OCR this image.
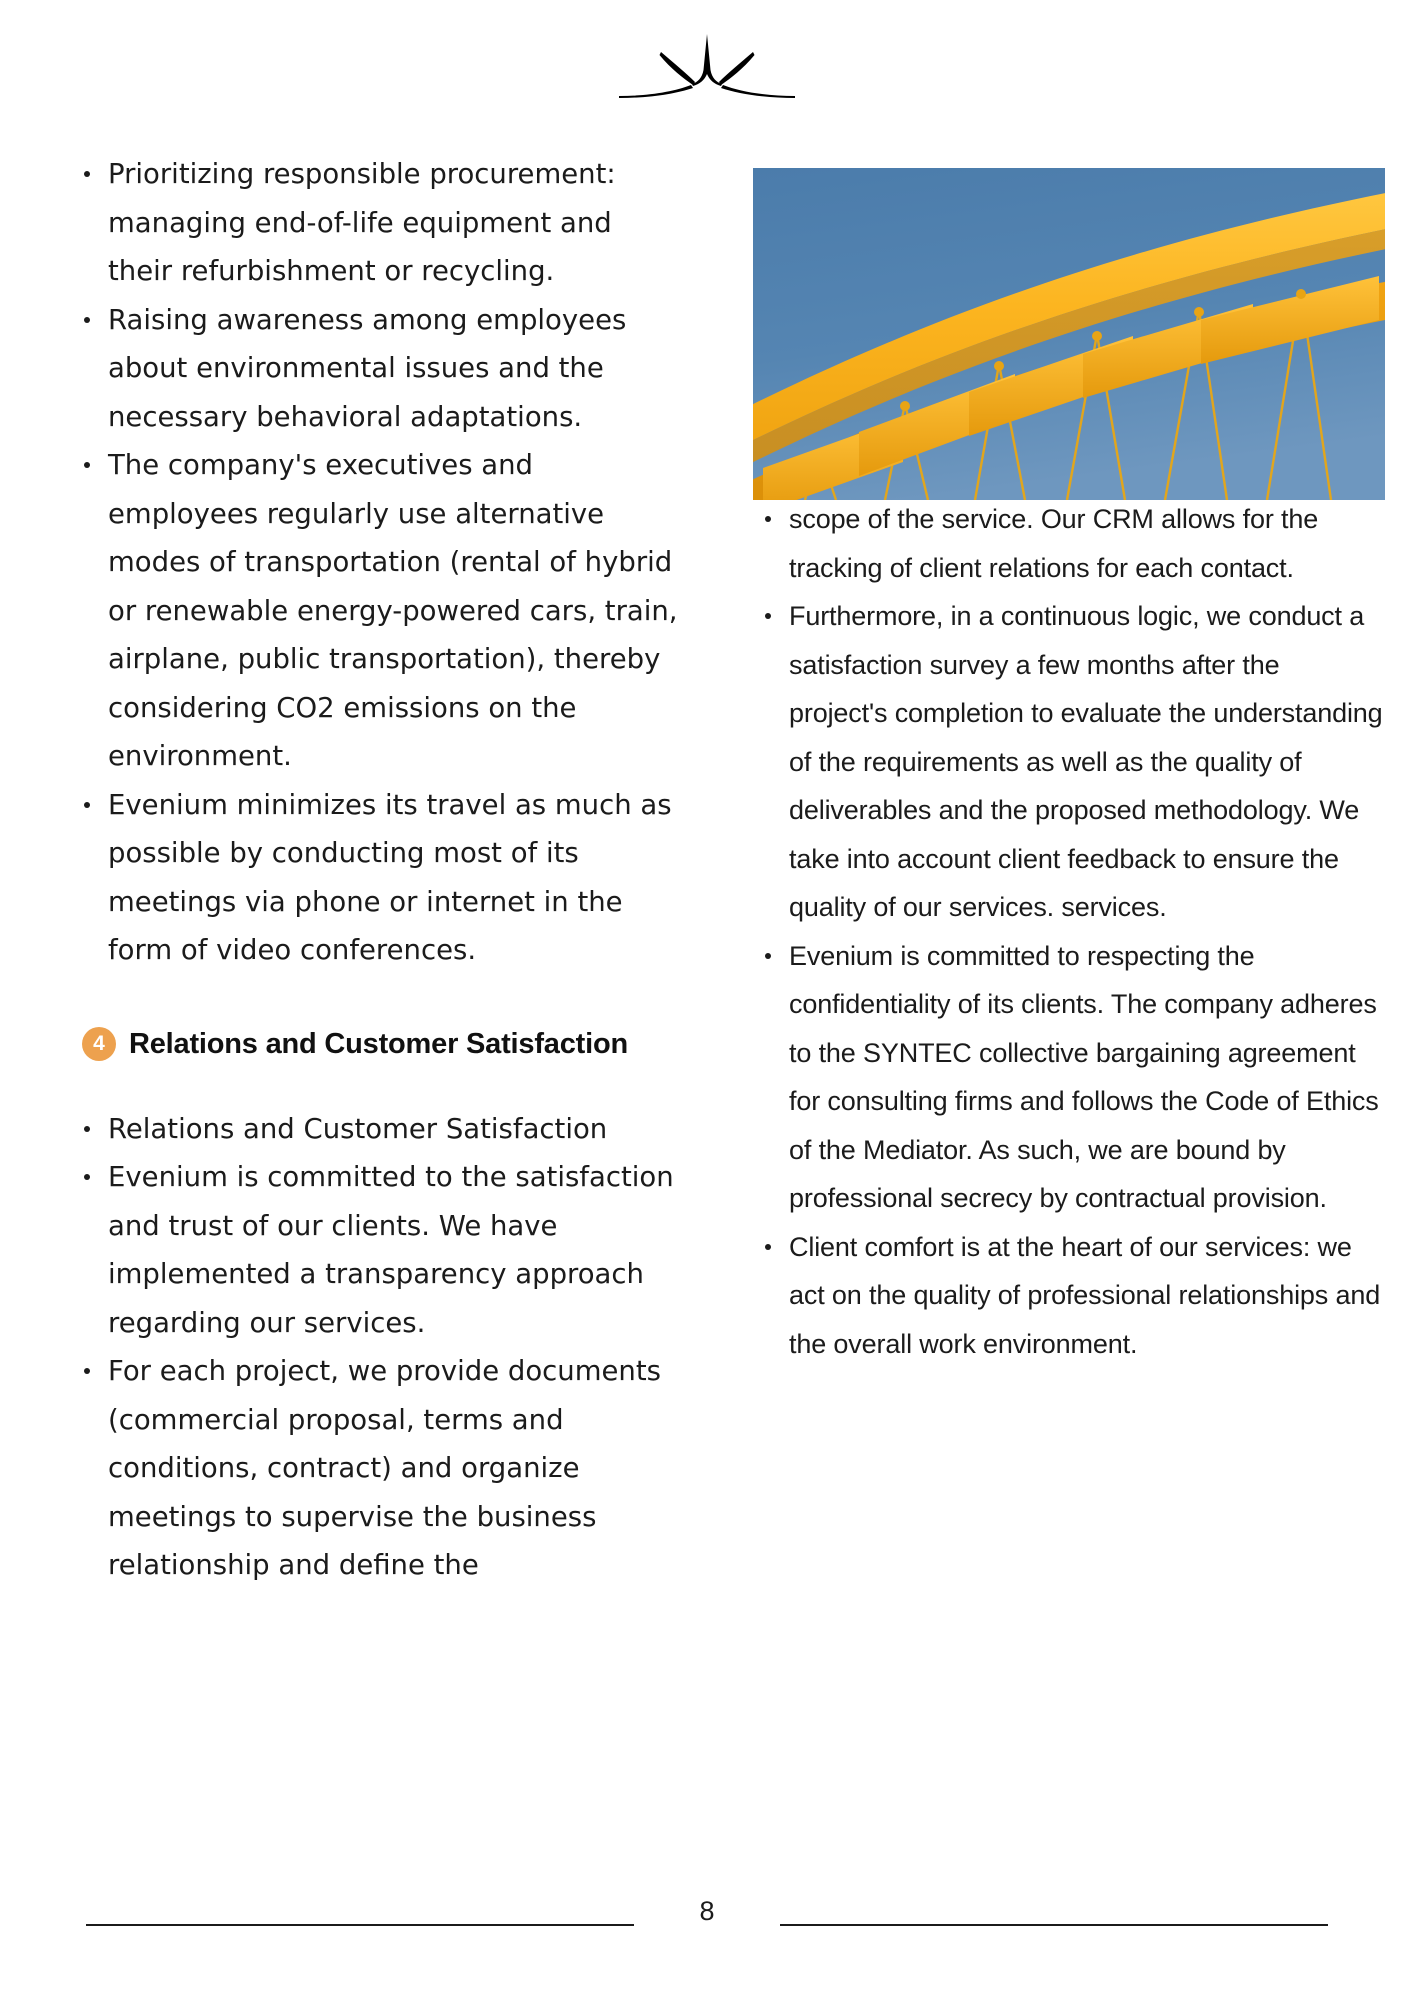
Prioritizing responsible procurement: managing end-of-life equipment and their refurbishment or recycling.
Raising awareness among employees about environmental issues and the necessary behavioral adaptations.
The company's executives and employees regularly use alternative modes of transportation (rental of hybrid or renewable energy-powered cars, train, airplane, public transportation), thereby considering CO2 emissions on the environment.
Evenium minimizes its travel as much as possible by conducting most of its meetings via phone or internet in the form of video conferences.
4 Relations and Customer Satisfaction
Relations and Customer Satisfaction
Evenium is committed to the satisfaction and trust of our clients. We have implemented a transparency approach regarding our services.
For each project, we provide documents (commercial proposal, terms and conditions, contract) and organize meetings to supervise the business relationship and define the
scope of the service. Our CRM allows for the tracking of client relations for each contact.
Furthermore, in a continuous logic, we conduct a satisfaction survey a few months after the project's completion to evaluate the understanding of the requirements as well as the quality of deliverables and the proposed methodology. We take into account client feedback to ensure the quality of our services. services.
Evenium is committed to respecting the confidentiality of its clients. The company adheres to the SYNTEC collective bargaining agreement for consulting firms and follows the Code of Ethics of the Mediator. As such, we are bound by professional secrecy by contractual provision.
Client comfort is at the heart of our services: we act on the quality of professional relationships and the overall work environment.
8
